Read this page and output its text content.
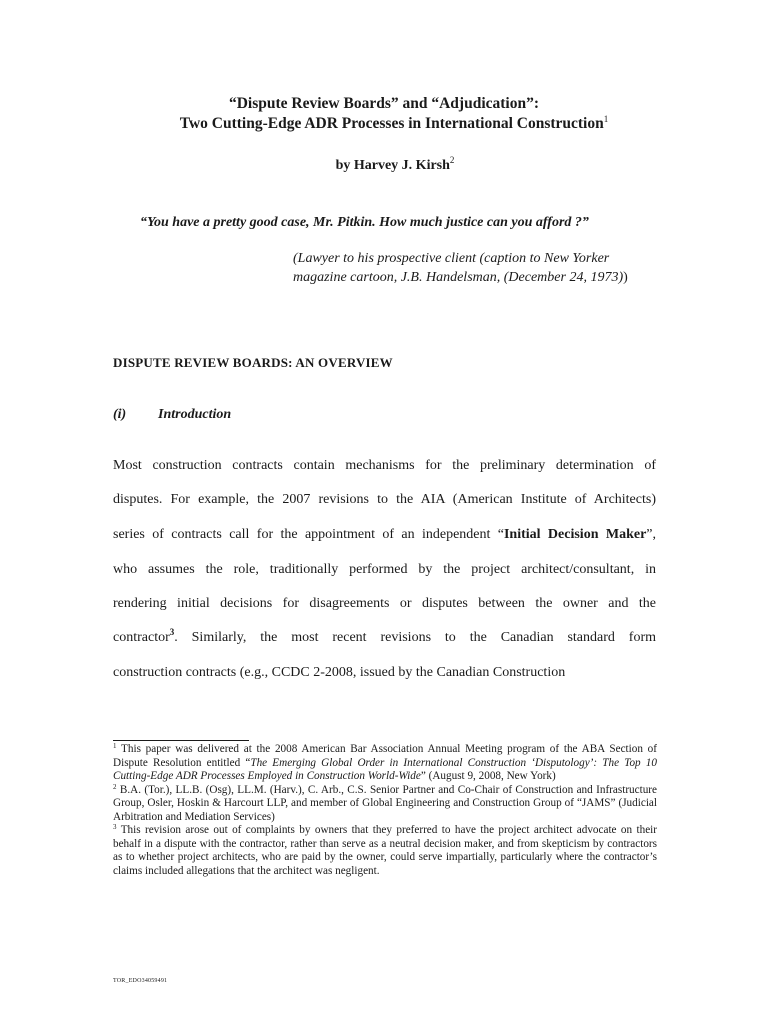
“Dispute Review Boards” and “Adjudication”:
Two Cutting-Edge ADR Processes in International Construction$^1$
by Harvey J. Kirsh$^2$
“You have a pretty good case, Mr. Pitkin. How much justice can you afford ?”
(Lawyer to his prospective client (caption to New Yorker
magazine cartoon, J.B. Handelsman, (December 24, 1973))
DISPUTE REVIEW BOARDS: AN OVERVIEW
(i) Introduction
Most construction contracts contain mechanisms for the preliminary determination of
disputes. For example, the 2007 revisions to the AIA (American Institute of Architects)
series of contracts call for the appointment of an independent “Initial Decision Maker”,
who assumes the role, traditionally performed by the project architect/consultant, in
rendering initial decisions for disagreements or disputes between the owner and the
contractor$^3$. Similarly, the most recent revisions to the Canadian standard form
construction contracts (e.g., CCDC 2-2008, issued by the Canadian Construction

$^1$ This paper was delivered at the 2008 American Bar Association Annual Meeting program of the ABA Section of Dispute Resolution entitled “The Emerging Global Order in International Construction ‘Disputology’: The Top 10 Cutting-Edge ADR Processes Employed in Construction World-Wide” (August 9, 2008, New York)

$^2$ B.A. (Tor.), LL.B. (Osg), LL.M. (Harv.), C. Arb., C.S. Senior Partner and Co-Chair of Construction and Infrastructure Group, Osler, Hoskin & Harcourt LLP, and member of Global Engineering and Construction Group of “JAMS” (Judicial Arbitration and Mediation Services)

$^3$ This revision arose out of complaints by owners that they preferred to have the project architect advocate on their behalf in a dispute with the contractor, rather than serve as a neutral decision maker, and from skepticism by contractors as to whether project architects, who are paid by the owner, could serve impartially, particularly where the contractor’s claims included allegations that the architect was negligent.

TOR_EDO34059491
